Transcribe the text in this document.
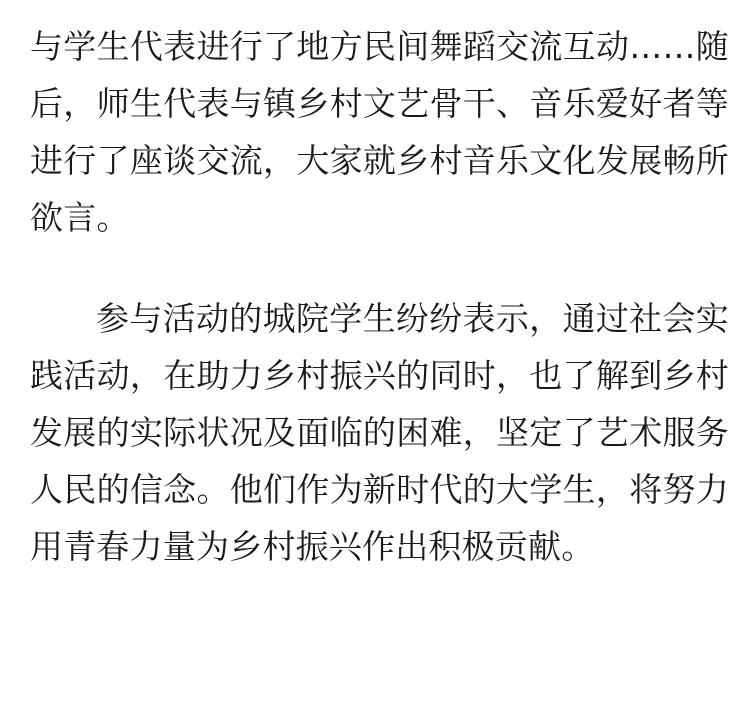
与学生代表进行了地方民间舞蹈交流互动……随后，师生代表与镇乡村文艺骨干、音乐爱好者等进行了座谈交流，大家就乡村音乐文化发展畅所欲言。

参与活动的城院学生纷纷表示，通过社会实践活动，在助力乡村振兴的同时，也了解到乡村发展的实际状况及面临的困难，坚定了艺术服务人民的信念。他们作为新时代的大学生，将努力用青春力量为乡村振兴作出积极贡献。
